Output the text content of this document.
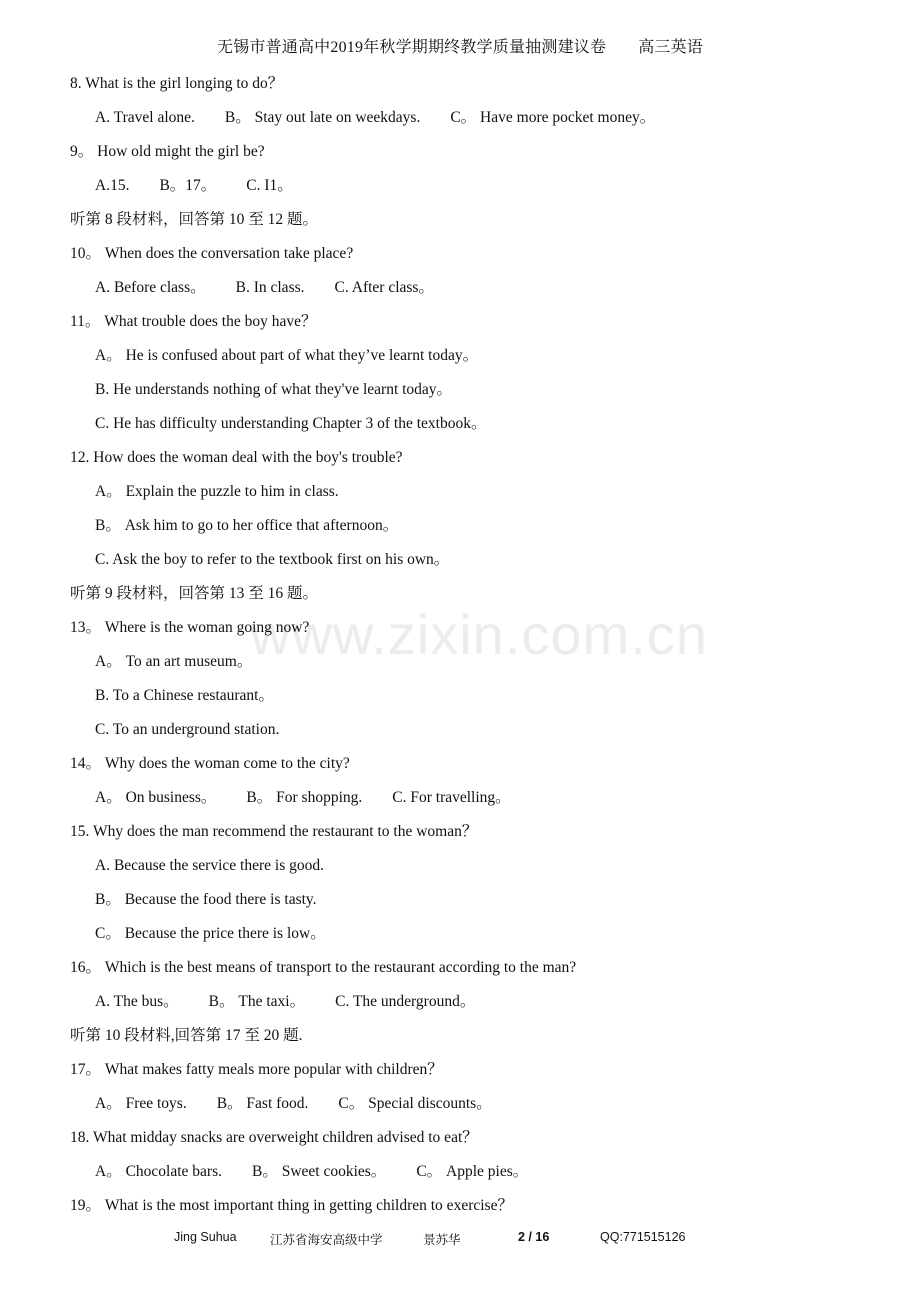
无锡市普通高中2019年秋学期期终教学质量抽测建议卷 高三英语
www.zixin.com.cn
8. What is the girl longing to do？
A. Travel alone. B。 Stay out late on weekdays. C。 Have more pocket money。
9。 How old might the girl be?
A.15. B。17。 C. I1。
听第 8 段材料，回答第 10 至 12 题。
10。 When does the conversation take place?
A. Before class。 B. In class. C. After class。
11。 What trouble does the boy have？
A。 He is confused about part of what they’ve learnt today。
B. He understands nothing of what they've learnt today。
C. He has difficulty understanding Chapter 3 of the textbook。
12. How does the woman deal with the boy's trouble?
A。 Explain the puzzle to him in class.
B。 Ask him to go to her office that afternoon。
C. Ask the boy to refer to the textbook first on his own。
听第 9 段材料，回答第 13 至 16 题。
13。 Where is the woman going now?
A。 To an art museum。
B. To a Chinese restaurant。
C. To an underground station.
14。 Why does the woman come to the city?
A。 On business。 B。 For shopping. C. For travelling。
15. Why does the man recommend the restaurant to the woman？
A. Because the service there is good.
B。 Because the food there is tasty.
C。 Because the price there is low。
16。 Which is the best means of transport to the restaurant according to the man?
A. The bus。 B。 The taxi。 C. The underground。
听第 10 段材料,回答第 17 至 20 题.
17。 What makes fatty meals more popular with children？
A。 Free toys. B。 Fast food. C。 Special discounts。
18. What midday snacks are overweight children advised to eat？
A。 Chocolate bars. B。 Sweet cookies。 C。 Apple pies。
19。 What is the most important thing in getting children to exercise？
Jing Suhua	江苏省海安高级中学	景苏华	2 / 16	QQ:771515126
